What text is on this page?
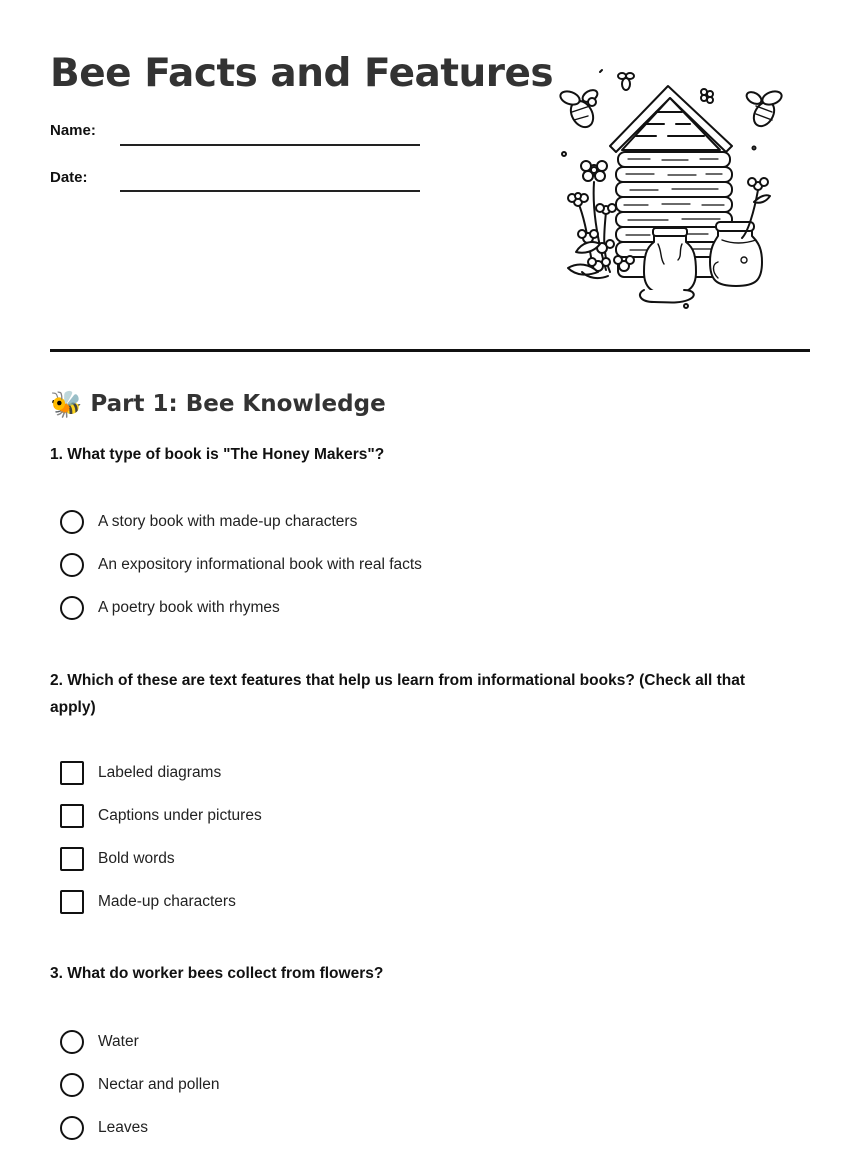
Bee Facts and Features
Name:
Date:
🐝 Part 1: Bee Knowledge
1. What type of book is "The Honey Makers"?
A story book with made-up characters
An expository informational book with real facts
A poetry book with rhymes
2. Which of these are text features that help us learn from informational books? (Check all that apply)
Labeled diagrams
Captions under pictures
Bold words
Made-up characters
3. What do worker bees collect from flowers?
Water
Nectar and pollen
Leaves
